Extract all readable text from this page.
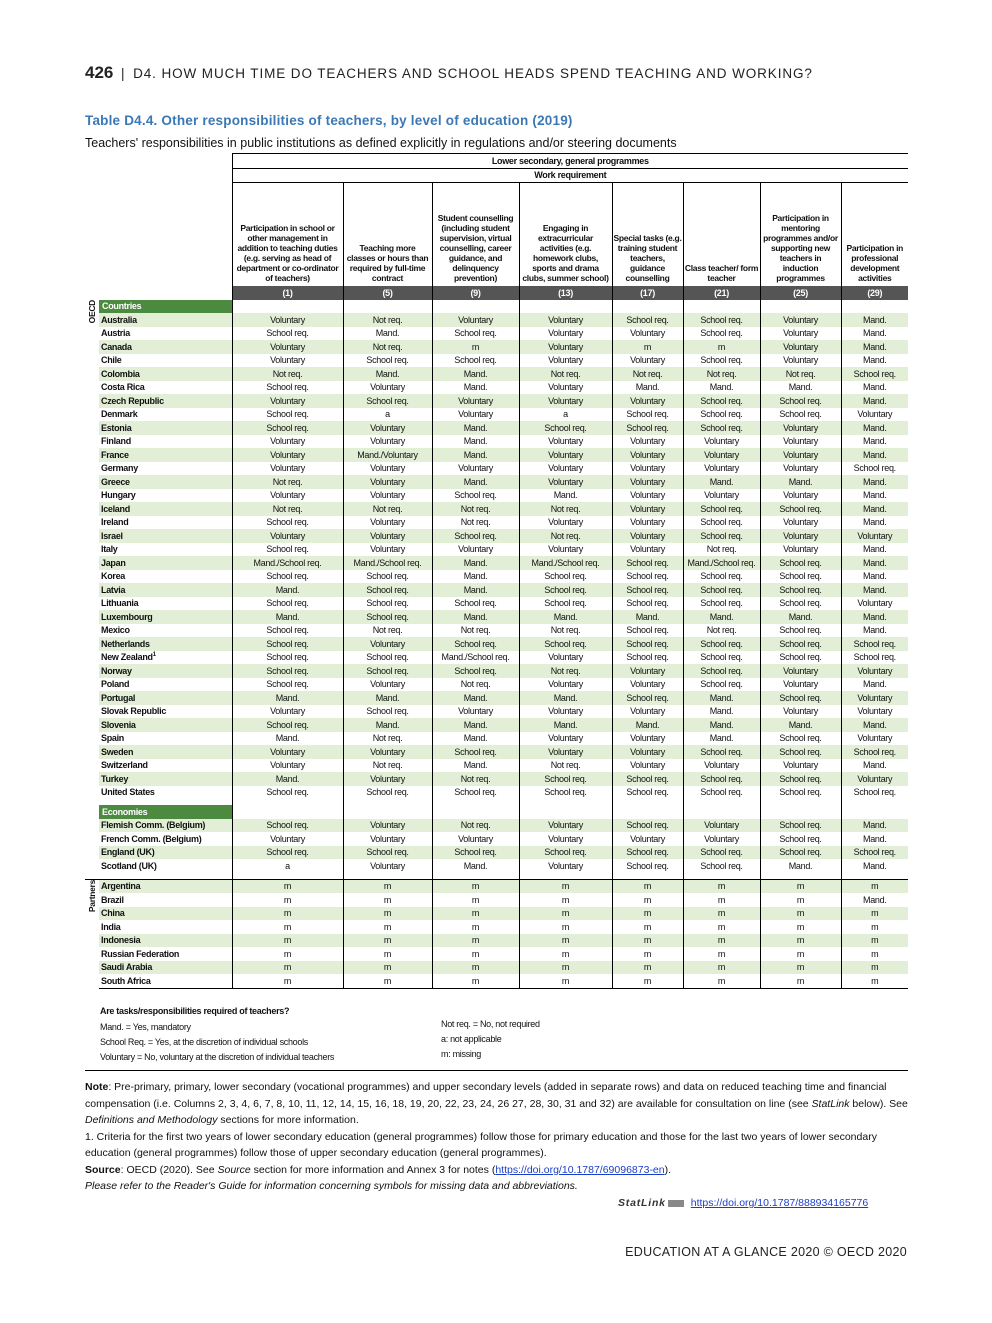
426 | D4. HOW MUCH TIME DO TEACHERS AND SCHOOL HEADS SPEND TEACHING AND WORKING?
Table D4.4. Other responsibilities of teachers, by level of education (2019)
Teachers' responsibilities in public institutions as defined explicitly in regulations and/or steering documents
		Lower secondary, general programmes							
		Work requirement							
		Participation in school or other management in addition to teaching duties (e.g. serving as head of department or co-ordinator of teachers)	Teaching more classes or hours than required by full-time contract	Student counselling (including student supervision, virtual counselling, career guidance, and delinquency prevention)	Engaging in extracurricular activities (e.g. homework clubs, sports and drama clubs, summer school)	Special tasks (e.g. training student teachers, guidance counselling	Class teacher/ form teacher	Participation in mentoring programmes and/or supporting new teachers in induction programmes	Participation in professional development activities
		(1)	(5)	(9)	(13)	(17)	(21)	(25)	(29)
OECD	Countries								
	Australia	Voluntary	Not req.	Voluntary	Voluntary	School req.	School req.	Voluntary	Mand.
	Austria	School req.	Mand.	School req.	Voluntary	Voluntary	School req.	Voluntary	Mand.
	Canada	Voluntary	Not req.	m	Voluntary	m	m	Voluntary	Mand.
	Chile	Voluntary	School req.	School req.	Voluntary	Voluntary	School req.	Voluntary	Mand.
	Colombia	Not req.	Mand.	Mand.	Not req.	Not req.	Not req.	Not req.	School req.
	Costa Rica	School req.	Voluntary	Mand.	Voluntary	Mand.	Mand.	Mand.	Mand.
	Czech Republic	Voluntary	School req.	Voluntary	Voluntary	Voluntary	School req.	School req.	Mand.
	Denmark	School req.	a	Voluntary	a	School req.	School req.	School req.	Voluntary
	Estonia	School req.	Voluntary	Mand.	School req.	School req.	School req.	Voluntary	Mand.
	Finland	Voluntary	Voluntary	Mand.	Voluntary	Voluntary	Voluntary	Voluntary	Mand.
	France	Voluntary	Mand./Voluntary	Mand.	Voluntary	Voluntary	Voluntary	Voluntary	Mand.
	Germany	Voluntary	Voluntary	Voluntary	Voluntary	Voluntary	Voluntary	Voluntary	School req.
	Greece	Not req.	Voluntary	Mand.	Voluntary	Voluntary	Mand.	Mand.	Mand.
	Hungary	Voluntary	Voluntary	School req.	Mand.	Voluntary	Voluntary	Voluntary	Mand.
	Iceland	Not req.	Not req.	Not req.	Not req.	Voluntary	School req.	School req.	Mand.
	Ireland	School req.	Voluntary	Not req.	Voluntary	Voluntary	School req.	Voluntary	Mand.
	Israel	Voluntary	Voluntary	School req.	Not req.	Voluntary	School req.	Voluntary	Voluntary
	Italy	School req.	Voluntary	Voluntary	Voluntary	Voluntary	Not req.	Voluntary	Mand.
	Japan	Mand./School req.	Mand./School req.	Mand.	Mand./School req.	School req.	Mand./School req.	School req.	Mand.
	Korea	School req.	School req.	Mand.	School req.	School req.	School req.	School req.	Mand.
	Latvia	Mand.	School req.	Mand.	School req.	School req.	School req.	School req.	Mand.
	Lithuania	School req.	School req.	School req.	School req.	School req.	School req.	School req.	Voluntary
	Luxembourg	Mand.	School req.	Mand.	Mand.	Mand.	Mand.	Mand.	Mand.
	Mexico	School req.	Not req.	Not req.	Not req.	School req.	Not req.	School req.	Mand.
	Netherlands	School req.	Voluntary	School req.	School req.	School req.	School req.	School req.	School req.
	New Zealand$^1$	School req.	School req.	Mand./School req.	Voluntary	School req.	School req.	School req.	School req.
	Norway	School req.	School req.	School req.	Not req.	Voluntary	School req.	Voluntary	Voluntary
	Poland	School req.	Voluntary	Not req.	Voluntary	Voluntary	School req.	Voluntary	Mand.
	Portugal	Mand.	Mand.	Mand.	Mand.	School req.	Mand.	School req.	Voluntary
	Slovak Republic	Voluntary	School req.	Voluntary	Voluntary	Voluntary	Mand.	Voluntary	Voluntary
	Slovenia	School req.	Mand.	Mand.	Mand.	Mand.	Mand.	Mand.	Mand.
	Spain	Mand.	Not req.	Mand.	Voluntary	Voluntary	Mand.	School req.	Voluntary
	Sweden	Voluntary	Voluntary	School req.	Voluntary	Voluntary	School req.	School req.	School req.
	Switzerland	Voluntary	Not req.	Mand.	Not req.	Voluntary	Voluntary	Voluntary	Mand.
	Turkey	Mand.	Voluntary	Not req.	School req.	School req.	School req.	School req.	Voluntary
	United States	School req.	School req.	School req.	School req.	School req.	School req.	School req.	School req.

	Economies								
	Flemish Comm. (Belgium)	School req.	Voluntary	Not req.	Voluntary	School req.	Voluntary	School req.	Mand.
	French Comm. (Belgium)	Voluntary	Voluntary	Voluntary	Voluntary	Voluntary	Voluntary	School req.	Mand.
	England (UK)	School req.	School req.	School req.	School req.	School req.	School req.	School req.	School req.
	Scotland (UK)	a	Voluntary	Mand.	Voluntary	School req.	School req.	Mand.	Mand.

Partners	Argentina	m	m	m	m	m	m	m	m
	Brazil	m	m	m	m	m	m	m	Mand.
	China	m	m	m	m	m	m	m	m
	India	m	m	m	m	m	m	m	m
	Indonesia	m	m	m	m	m	m	m	m
	Russian Federation	m	m	m	m	m	m	m	m
	Saudi Arabia	m	m	m	m	m	m	m	m
	South Africa	m	m	m	m	m	m	m	m
Are tasks/responsibilities required of teachers?
Mand. = Yes, mandatory
School Req. = Yes, at the discretion of individual schools
Voluntary = No, voluntary at the discretion of individual teachers
Not req. = No, not required
a: not applicable
m: missing

Note: Pre-primary, primary, lower secondary (vocational programmes) and upper secondary levels (added in separate rows) and data on reduced teaching time and financial compensation (i.e. Columns 2, 3, 4, 6, 7, 8, 10, 11, 12, 14, 15, 16, 18, 19, 20, 22, 23, 24, 26 27, 28, 30, 31 and 32) are available for consultation on line (see StatLink below). See Definitions and Methodology sections for more information.

1. Criteria for the first two years of lower secondary education (general programmes) follow those for primary education and those for the last two years of lower secondary education (general programmes) follow those of upper secondary education (general programmes).

Source: OECD (2020). See Source section for more information and Annex 3 for notes (https://doi.org/10.1787/69096873-en).

Please refer to the Reader's Guide for information concerning symbols for missing data and abbreviations.

StatLink https://doi.org/10.1787/888934165776
EDUCATION AT A GLANCE 2020 © OECD 2020
